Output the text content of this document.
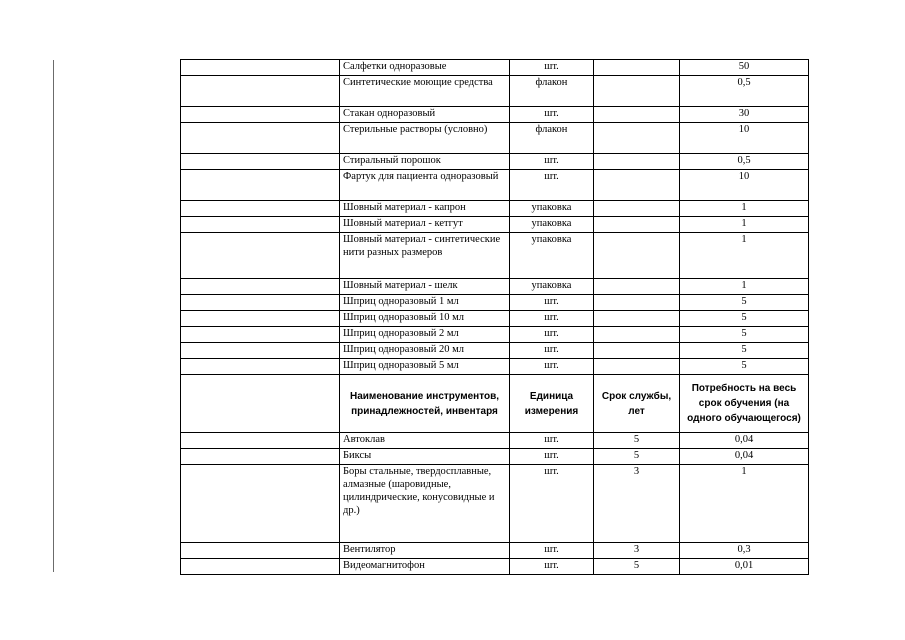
	Салфетки одноразовые	шт.		50
	Синтетические моющие средства	флакон		0,5
	Стакан одноразовый	шт.		30
	Стерильные растворы (условно)	флакон		10
	Стиральный порошок	шт.		0,5
	Фартук для пациента одноразовый	шт.		10
	Шовный материал - капрон	упаковка		1
	Шовный материал - кетгут	упаковка		1
	Шовный материал - синтетические нити разных размеров	упаковка		1
	Шовный материал - шелк	упаковка		1
	Шприц одноразовый 1 мл	шт.		5
	Шприц одноразовый 10 мл	шт.		5
	Шприц одноразовый 2 мл	шт.		5
	Шприц одноразовый 20 мл	шт.		5
	Шприц одноразовый 5 мл	шт.		5
	Наименование инструментов, принадлежностей, инвентаря	Единица измерения	Срок службы, лет	Потребность на весь срок обучения (на одного обучающегося)
	Автоклав	шт.	5	0,04
	Биксы	шт.	5	0,04
	Боры стальные, твердосплавные, алмазные (шаровидные, цилиндрические, конусовидные и др.)	шт.	3	1
	Вентилятор	шт.	3	0,3
	Видеомагнитофон	шт.	5	0,01
